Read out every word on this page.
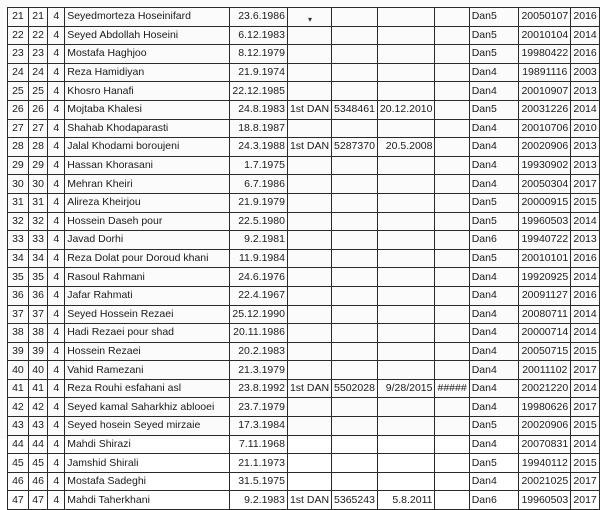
▾
21	21	4	Seyedmorteza Hoseinifard	23.6.1986					Dan5	20050107	2016
22	22	4	Seyed Abdollah Hoseini	6.12.1983					Dan5	20010104	2014
23	23	4	Mostafa Haghjoo	8.12.1979					Dan5	19980422	2016
24	24	4	Reza Hamidiyan	21.9.1974					Dan4	19891116	2003
25	25	4	Khosro Hanafi	22.12.1985					Dan4	20010907	2013
26	26	4	Mojtaba Khalesi	24.8.1983	1st DAN	5348461	20.12.2010		Dan5	20031226	2014
27	27	4	Shahab Khodaparasti	18.8.1987					Dan4	20010706	2010
28	28	4	Jalal Khodami boroujeni	24.3.1988	1st DAN	5287370	20.5.2008		Dan4	20020906	2013
29	29	4	Hassan Khorasani	1.7.1975					Dan4	19930902	2013
30	30	4	Mehran Kheiri	6.7.1986					Dan4	20050304	2017
31	31	4	Alireza Kheirjou	21.9.1979					Dan5	20000915	2015
32	32	4	Hossein Daseh pour	22.5.1980					Dan5	19960503	2014
33	33	4	Javad Dorhi	9.2.1981					Dan6	19940722	2013
34	34	4	Reza Dolat pour Doroud khani	11.9.1984					Dan5	20010101	2016
35	35	4	Rasoul Rahmani	24.6.1976					Dan4	19920925	2014
36	36	4	Jafar Rahmati	22.4.1967					Dan4	20091127	2016
37	37	4	Seyed Hossein Rezaei	25.12.1990					Dan4	20080711	2014
38	38	4	Hadi Rezaei pour shad	20.11.1986					Dan4	20000714	2014
39	39	4	Hossein Rezaei	20.2.1983					Dan4	20050715	2015
40	40	4	Vahid Ramezani	21.3.1979					Dan4	20011102	2017
41	41	4	Reza Rouhi esfahani asl	23.8.1992	1st DAN	5502028	9/28/2015	#####	Dan4	20021220	2014
42	42	4	Seyed kamal Saharkhiz ablooei	23.7.1979					Dan4	19980626	2017
43	43	4	Seyed hosein Seyed mirzaie	17.3.1984					Dan5	20020906	2015
44	44	4	Mahdi Shirazi	7.11.1968					Dan4	20070831	2014
45	45	4	Jamshid Shirali	21.1.1973					Dan5	19940112	2015
46	46	4	Mostafa Sadeghi	31.5.1975					Dan4	20021025	2017
47	47	4	Mahdi Taherkhani	9.2.1983	1st DAN	5365243	5.8.2011		Dan6	19960503	2017
